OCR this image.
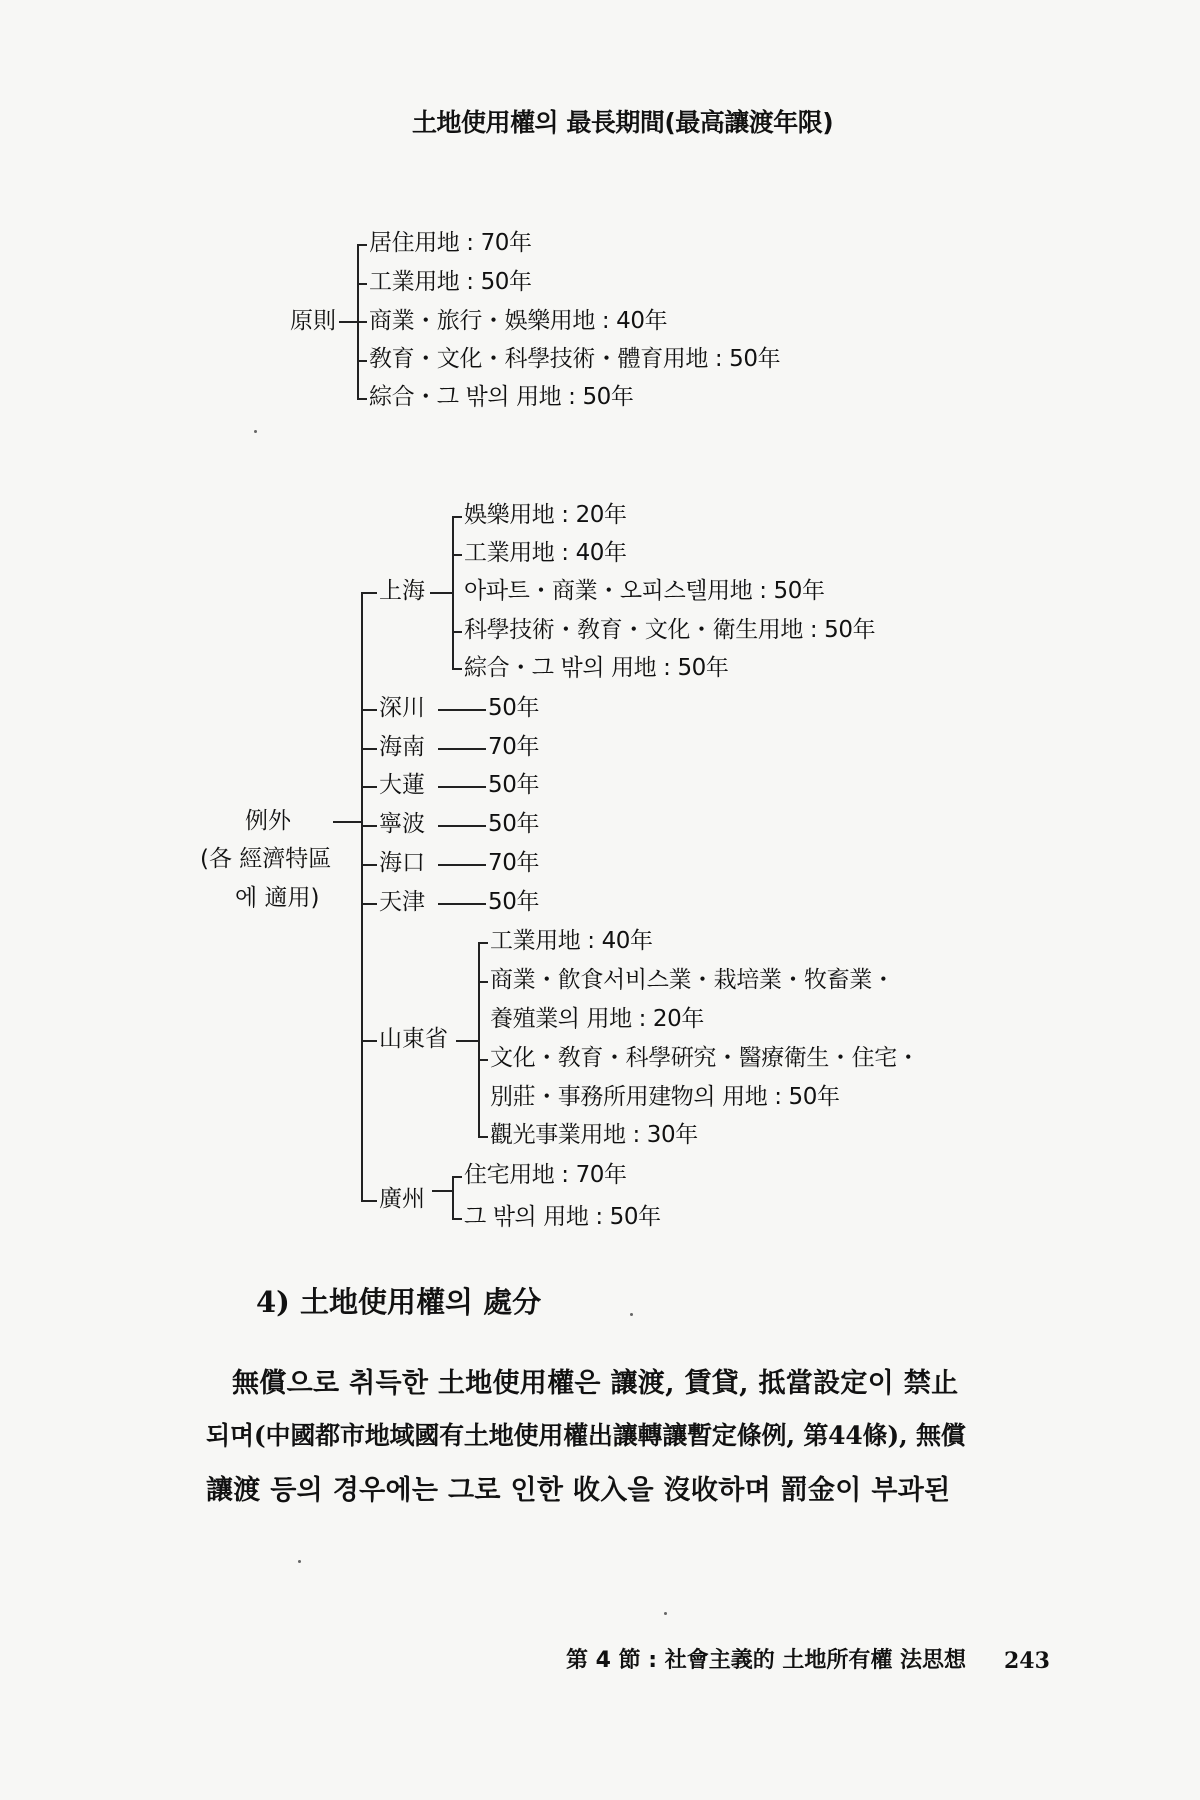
土地使用權의 最長期間(最高讓渡年限)
原則
居住用地 : 70年
工業用地 : 50年
商業・旅行・娛樂用地 : 40年
敎育・文化・科學技術・體育用地 : 50年
綜合・그 밖의 用地 : 50年
例外
(各 經濟特區
에 適用)
上海
娛樂用地 : 20年
工業用地 : 40年
아파트・商業・오피스텔用地 : 50年
科學技術・敎育・文化・衛生用地 : 50年
綜合・그 밖의 用地 : 50年
深川	50年
海南	70年
大蓮	50年
寧波	50年
海口	70年
天津	50年
山東省
工業用地 : 40年
商業・飮食서비스業・栽培業・牧畜業・
養殖業의 用地 : 20年
文化・敎育・科學硏究・醫療衛生・住宅・
別莊・事務所用建物의 用地 : 50年
觀光事業用地 : 30年
廣州
住宅用地 : 70年
그 밖의 用地 : 50年
4) 土地使用權의 處分
無償으로 취득한 土地使用權은 讓渡, 賃貸, 抵當設定이 禁止
되며(中國都市地域國有土地使用權出讓轉讓暫定條例, 第44條), 無償
讓渡 등의 경우에는 그로 인한 收入을 沒收하며 罰金이 부과된
第 4 節 : 社會主義的 土地所有權 法思想 243
